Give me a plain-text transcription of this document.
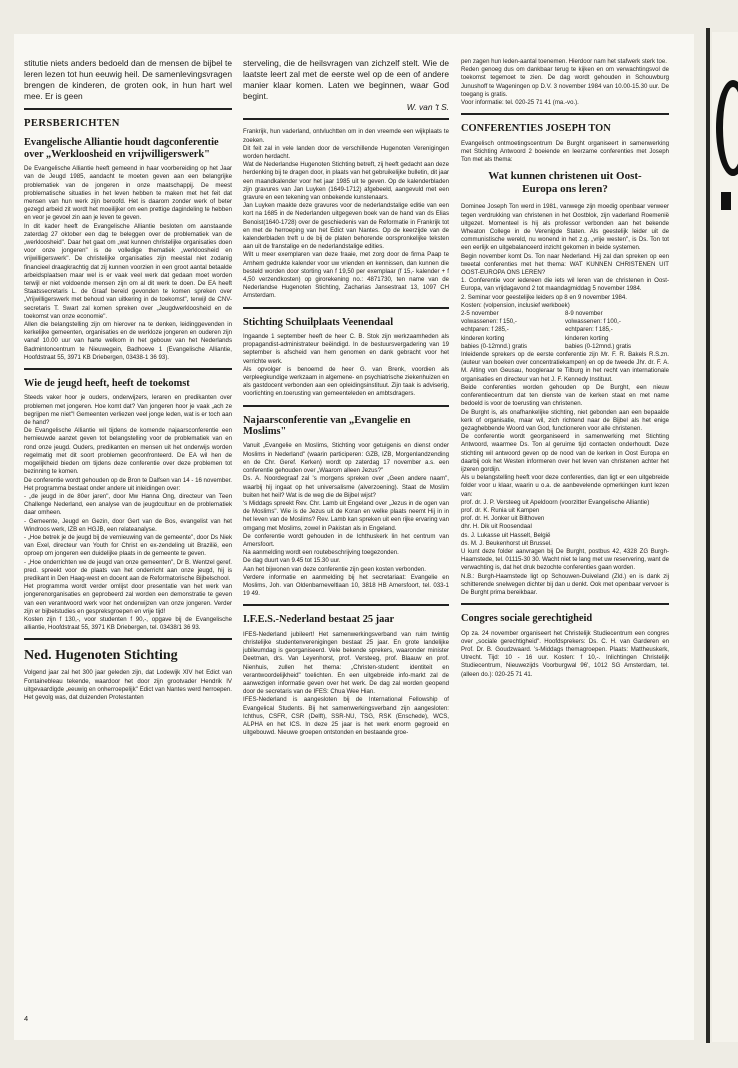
stitutie niets anders bedoeld dan de mensen de bijbel te leren lezen tot hun eeuwig heil. De samenlevingsvragen brengen de kinderen, de groten ook, in hun hart wel mee. Er is geen

PERSBERICHTEN
Evangelische Alliantie houdt dagconferentie over „Werkloosheid en vrijwilligerswerk"

De Evangelische Alliantie heeft gemeend in haar voorbereiding op het Jaar van de Jeugd 1985, aandacht te moeten geven aan een belangrijke problematiek van de jongeren in onze maatschappij. De meest problematische situaties in het leven hebben te maken met het feit dat mensen van hun werk zijn beroofd. Het is daarom zonder werk of beter gezegd arbeid zit wordt het moeilijker om een prettige dagindeling te hebben en veor je gevoel zin aan je leven te geven.

In dit kader heeft de Evangelische Alliantie besloten om aanstaande zaterdag 27 oktober een dag te beleggen over de problematiek van de „werkloosheid". Daar het gaat om „wat kunnen christelijke organisaties doen voor onze jongeren" is de volledige thematiek „werkloosheid en vrijwilligerswerk". De christelijke organisaties zijn meestal niet zodanig financieel draagkrachtig dat zij kunnen voorzien in een groot aantal betaalde arbeidsplaatsen maar wel is er vaak veel werk dat gedaan moet worden terwijl er niet voldoende mensen zijn om al dit werk te doen. De EA heeft Staatssecretaris L. de Graaf bereid gevonden te komen spreken over „Vrijwilligerswerk met behoud van uitkering in de toekomst", terwijl de CNV-secretaris T. Swart zal komen spreken over „Jeugdwerkloosheid en de toekomst van onze economie".

Allen die belangstelling zijn om hierover na te denken, leidinggevenden in kerkelijke gemeenten, organisaties en de werkloze jongeren en ouderen zijn vanaf 10.00 uur van harte welkom in het gebouw van het Nederlands Badmintoncentrum te Nieuwegein, Badhoeve 1 (Evangelische Alliantie, Hoofdstraat 55, 3971 KB Driebergen, 03438-1 36 93).

Wie de jeugd heeft, heeft de toekomst

Steeds vaker hoor je ouders, onderwijzers, leraren en predikanten over problemen met jongeren. Hoe komt dat? Van jongeren hoor je vaak „ach ze begrijpen me niet"! Gemeenten verliezen veel jonge leden, wat is er toch aan de hand?

De Evangelische Alliantie wil tijdens de komende najaarsconferentie een hernieuwde aanzet geven tot belangstelling voor de problematiek van en rond onze jeugd. Ouders, predikanten en mensen uit het onderwijs worden regelmatig met dit soort problemen geconfronteerd. De EA wil hen de mogelijkheid bieden om tijdens deze conferentie over deze problemen tot bezinning te komen.

De conferentie wordt gehouden op de Bron te Dalfsen van 14 - 16 november.

Het programma bestaat onder andere uit inleidingen over:

- „de jeugd in de 80er jaren", door Mw Hanna Ong, directeur van Teen Challenge Nederland, een analyse van de jeugdcultuur en de problematiek daar omheen.

- Gemeente, Jeugd en Gezin, door Gert van de Bos, evangelist van het Windroos werk, IZB en HGJB, een relateanalyse.

- „Hoe betrek je de jeugd bij de vernieuwing van de gemeente", door Ds Niek van Exel, directeur van Youth for Christ en ex-zendeling uit Brazilië, een oproep om jongeren een duidelijke plaats in de gemeente te geven.

- „Hoe onderrichten we de jeugd van onze gemeenten", Dr B. Wentzel geref. pred. spreekt voor de plaats van het onderricht aan onze jeugd, hij is predikant in Den Haag-west en docent aan de Reformatorische Bijbelschool.

Het programma wordt verder omlijst door presentatie van het werk van jongerenorganisaties en geprobeerd zal worden een demonstratie te geven van een verantwoord werk voor het onderwijzen van onze jongeren. Verder zijn er bijbelstudies en gespreksgroepen en vrije tijd!

Kosten zijn f 130,-, voor studenten f 90,-, opgave bij de Evangelische alliantie, Hoofdstraat 55, 3971 KB Driebergen, tel. 03438/1 36 93.

Ned. Hugenoten Stichting

Volgend jaar zal het 300 jaar geleden zijn, dat Lodewijk XIV het Edict van Fontainebleau tekende, waardoor het door zijn grootvader Hendrik IV uitgevaardigde „eeuwig en onherroepelijk" Edict van Nantes werd herroepen. Het gevolg was, dat duizenden Protestanten

sterveling, die de heilsvragen van zichzelf stelt. Wie de laatste leert zal met de eerste wel op de een of andere manier klaar komen. Laten we beginnen, waar God begint.

W. van 't S.

Frankrijk, hun vaderland, ontvluchtten om in den vreemde een wijkplaats te zoeken.

Dit feit zal in vele landen door de verschillende Hugenoten Verenigingen worden herdacht.

Wat de Nederlandse Hugenoten Stichting betreft, zij heeft gedacht aan deze herdenking bij te dragen door, in plaats van het gebruikelijke bulletin, dit jaar een maandkalender voor het jaar 1985 uit te geven. Op de kalenderbladen zijn gravures van Jan Luyken (1649-1712) afgebeeld, aangevuld met een gravure en een tekening van onbekende kunstenaars.

Jan Luyken maakte deze gravures voor de nederlandstalige editie van een kort na 1685 in de Nederlanden uitgegeven boek van de hand van ds Elias Benoist(1640-1728) over de geschiedenis van de Reformatie in Frankrijk tot en met de herroeping van het Edict van Nantes. Op de keerzijde van de kalenderbladen treft u de bij de platen behorende oorspronkelijke teksten aan uit de franstalige en de nederlandstalige edities.

Wilt u meer exemplaren van deze fraaie, met zorg door de firma Paap te Arnhem gedrukte kalender voor uw vrienden en kennissen, dan kunnen die besteld worden door storting van f 19,50 per exemplaar (f 15,- kalender + f 4,50 verzendkosten) op girorekening no.: 4871730, ten name van de Nederlandse Hugenoten Stichting, Zacharias Jansestraat 13, 1097 CH Amsterdam.

Stichting Schuilplaats Veenendaal

Ingaande 1 september heeft de heer C. B. Stok zijn werkzaamheden als propagandist-administrateur beëindigd. In de bestuursvergadering van 19 september is afscheid van hem genomen en dank gebracht voor het verrichte werk.

Als opvolger is benoemd de heer G. van Brenk, voordien als verpleegkundige werkzaam in algemene- en psychiatrische ziekenhuizen en als gastdocent verbonden aan een opleidingsinstituut. Zijn taak is adviserig, voorlichting en.toerusting van gemeenteleden en ambtsdragers.

Najaarsconferentie van „Evangelie en Moslims"

Vanuit „Evangelie en Moslims, Stichting voor getuigenis en dienst onder Moslims in Nederland" (waarin participeren: GZB, IZB, Morgenlandzending en de Chr. Geref. Kerken) wordt op zaterdag 17 november a.s. een conferentie gehouden over „Waarom alleen Jezus?"

Ds. A. Noordegraaf zal 's morgens spreken over „Geen andere naam", waarbij hij ingaat op het universalisme (alverzoening). Staat de Moslim buiten het heil? Wat is de weg die de Bijbel wijst?

's Middags spreekt Rev. Chr. Lamb uit Engeland over „Jezus in de ogen van de Moslims". Wie is de Jezus uit de Koran en welke plaats neemt Hij in in het leven van de Moslims? Rev. Lamb kan spreken uit een rijke ervaring van omgang met Moslims, zowel in Pakistan als in Engeland.

De conferentie wordt gehouden in de Ichthuskerk lin het centrum van Amersfoort.

Na aanmelding wordt een routebeschrijving toegezonden.

De dag duurt van 9.45 tot 15.30 uur.

Aan het bijwonen van deze conferentie zijn geen kosten verbonden.

Verdere informatie en aanmelding bij het secretariaat: Evangelie en Moslims, Joh. van Oldenbarneveltlaan 10, 3818 HB Amersfoort, tel. 033-1 19 49.

I.F.E.S.-Nederland bestaat 25 jaar

IFES-Nederland jubileert! Het samenwerkingsverband van ruim twintig christelijke studentenverenigingen bestaat 25 jaar. En grote landelijke jubileumdag is georganiseerd. Vele bekende sprekers, waaronder minister Deetman, drs. Van Leyenhorst, prof. Versteeg, prof. Blaauw en prof. Nienhuis, zullen het thema: „Christen-student: identiteit en verantwoordelijkheid" toelichten. En een uitgebreide info-markt zal de aanwezigen informatie geven over het werk. De dag zal worden geopend door de secretaris van de IFES: Chua Wee Hian.

IFES-Nederland is aangesloten bij de International Fellowship of Evangelical Students. Bij het samenwerkingsverband zijn aangesloten: Ichthus, CSFR, CSR (Delft), SSR-NU, TSG, RSK (Enschede), WCS, ALPHA en het ICS. In deze 25 jaar is het werk enorm gegroeid en uitgebouwd. Nieuwe groepen ontstonden en bestaande groe-

pen zagen hun leden-aantal toenemen. Hierdoor nam het stafwerk sterk toe.

Reden genoeg dus om dankbaar terug te kijken en om verwachtingsvol de toekomst tegemoet te zien. De dag wordt gehouden in Schouwburg Junushoff te Wageningen op D.V. 3 november 1984 van 10.00-15.30 uur. De toegang is gratis.

Voor informatie: tel. 020-25 71 41 (ma.-vo.).

CONFERENTIES JOSEPH TON

Evangelisch ontmoetingscentrum De Burght organiseert in samenwerking met Stichting Antwoord 2 boeiende en leerzame conferenties met Joseph Ton met als thema:

Wat kunnen christenen uit Oost-Europa ons leren?

Dominee Joseph Ton werd in 1981, vanwege zijn moedig openbaar verweer tegen verdrukking van christenen in het Oostblok, zijn vaderland Roemenië uitgezet. Momenteel is hij als professor verbonden aan het bekende Wheaton College in de Verenigde Staten. Als geestelijk leider uit de communistische wereld, nu wonend in het z.g. „vrije westen", is Ds. Ton tot een eerlijk en uitgebalanceerd inzicht gekomen in beide systemen.

Begin november komt Ds. Ton naar Nederland. Hij zal dan spreken op een tweetal conferenties met het thema: WAT KUNNEN CHRISTENEN UIT OOST-EUROPA ONS LEREN?

1. Conferentie voor iedereen die iets wil leren van de christenen in Oost-Europa, van vrijdagavond 2 tot maandagmiddag 5 november 1984.

2. Seminar voor geestelijke leiders op 8 en 9 november 1984.

Kosten: (volpension, inclusief werkboek)

2-5 november
volwassenen: f 150,-
echtparen: f 285,-
kinderen korting
babies (0-12mnd.) gratis
8-9 november
volwassenen: f 100,-
echtparen: f 185,-
kinderen korting
babies (0-12mnd.) gratis

Inleidende sprekers op de eerste conferentie zijn Mr. F. R. Bakels R.S.zn. (auteur van boeken over concentratiekampen) en op de tweede Jhr. dr. F. A. M. Alting von Geusau, hoogleraar te Tilburg in het recht van internationale organisaties en directeur van het J. F. Kennedy Instituut.

Beide conferenties worden gehouden op De Burght, een nieuw conferentiecentrum dat ten dienste van de kerken staat en met name bedoeld is voor de toerusting van christenen.

De Burght is, als onafhankelijke stichting, niet gebonden aan een bepaalde kerk of organisatie, maar wil, zich richtend naar de Bijbel als het enige gezaghebbende Woord van God, functioneren voor alle christenen.

De conferentie wordt georganiseerd in samenwerking met Stichting Antwoord, waarmee Ds. Ton al geruime tijd contacten onderhoudt. Deze stichting wil antwoord geven op de nood van de kerken in Oost Europa en daarbij ook het Westen informeren over het leven van christenen achter het ijzeren gordijn.

Als u belangstelling heeft voor deze conferenties, dan ligt er een uitgebreide folder voor u klaar, waarin u o.a. de aanbevelende opmerkingen kunt lezen van:

prof. dr. J. P. Versteeg uit Apeldoorn (voorzitter Evangelische Alliantie)

prof. dr. K. Runia uit Kampen

prof. dr. H. Jonker uit Bilthoven

dhr. H. Dik uit Roosendaal

ds. J. Lukasse uit Hasselt, België

ds. M. J. Beukenhorst uit Brussel.

U kunt deze folder aanvragen bij De Burght, postbus 42, 4328 ZG Burgh-Haamstede, tel. 01115-30 30. Wacht niet te lang met uw reservering, want de verwachting is, dat het druk bezochte conferenties gaan worden.

N.B.: Burgh-Haamstede ligt op Schouwen-Duiveland (Zld.) en is dank zij schitterende snelwegen dichter bij dan u denkt. Ook met openbaar vervoer is De Burght prima bereikbaar.

Congres sociale gerechtigheid

Op za. 24 november organiseert het Christelijk Studiecentrum een congres over „sociale gerechtigheid". Hoofdsprekers: Ds. C. H. van Garderen en Prof. Dr. B. Goudzwaard. 's-Middags themagroepen. Plaats: Mattheuskerk, Utrecht. Tijd: 10 - 16 uur. Kosten: f 10,-. Inlichtingen Christelijk Studiecentrum, Nieuwezijds Voorburgwal 96', 1012 SG Amsterdam, tel. (alleen do.): 020-25 71 41.

4
